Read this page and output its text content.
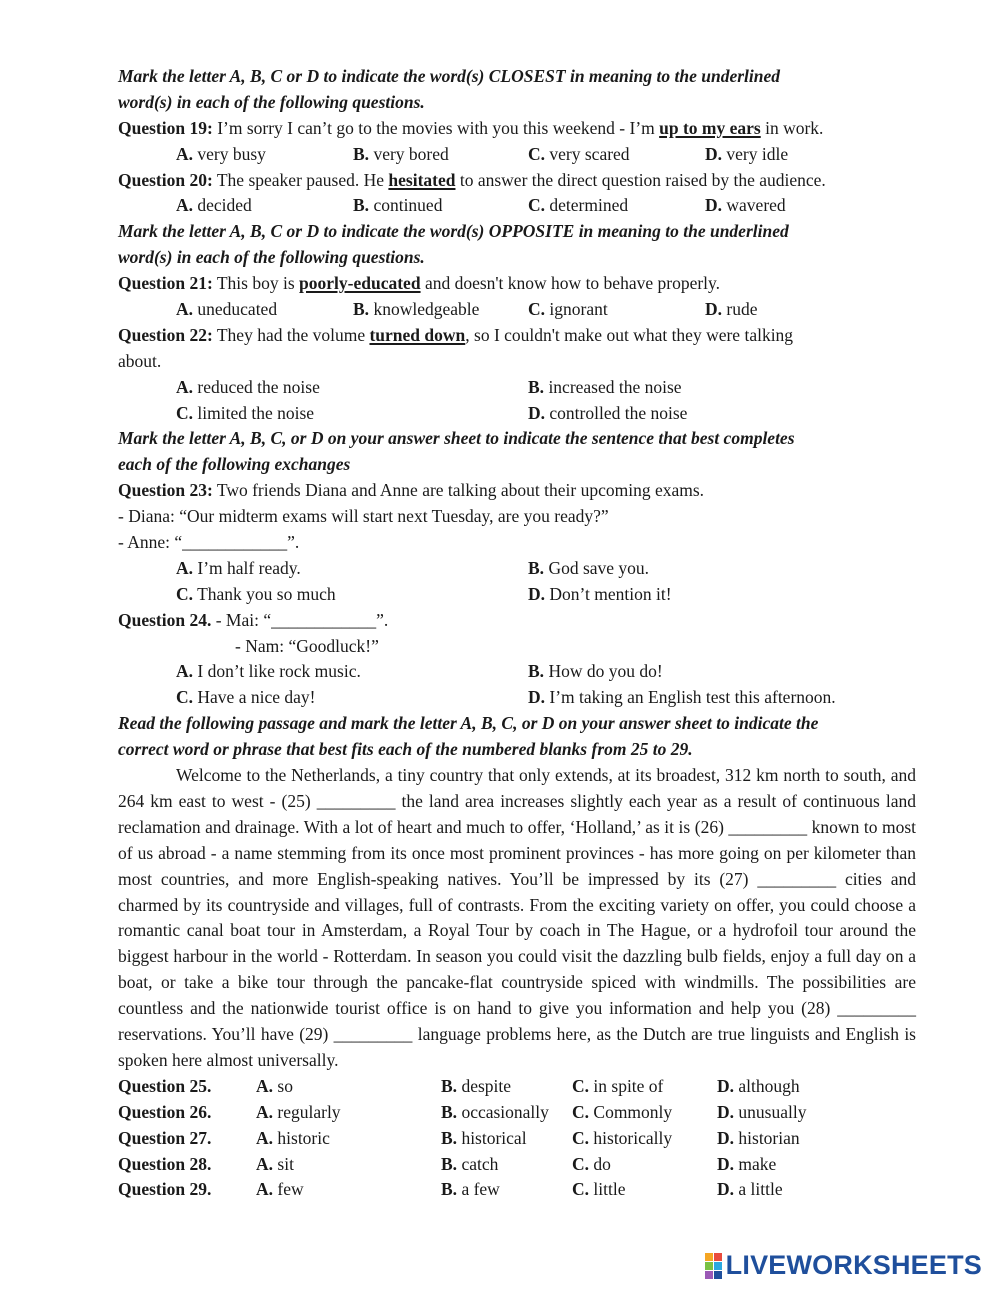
Mark the letter A, B, C or D to indicate the word(s) CLOSEST in meaning to the underlined
word(s) in each of the following questions.
Question 19: I’m sorry I can’t go to the movies with you this weekend - I’m up to my ears in work.
A. very busy	B. very bored	C. very scared	D. very idle
Question 20: The speaker paused. He hesitated to answer the direct question raised by the audience.
A. decided	B. continued	C. determined	D. wavered
Mark the letter A, B, C or D to indicate the word(s) OPPOSITE in meaning to the underlined
word(s) in each of the following questions.
Question 21: This boy is poorly-educated and doesn't know how to behave properly.
A. uneducated	B. knowledgeable	C. ignorant	D. rude
Question 22: They had the volume turned down, so I couldn't make out what they were talking
about.
A. reduced the noise	B. increased the noise
C. limited the noise	D. controlled the noise
Mark the letter A, B, C, or D on your answer sheet to indicate the sentence that best completes
each of the following exchanges
Question 23: Two friends Diana and Anne are talking about their upcoming exams.
- Diana: “Our midterm exams will start next Tuesday, are you ready?”
- Anne: “____________”.
A. I’m half ready.	B. God save you.
C. Thank you so much	D. Don’t mention it!
Question 24. - Mai: “____________”.
- Nam: “Goodluck!”
A. I don’t like rock music.	B. How do you do!
C. Have a nice day!	D. I’m taking an English test this afternoon.
Read the following passage and mark the letter A, B, C, or D on your answer sheet to indicate the
correct word or phrase that best fits each of the numbered blanks from 25 to 29.
Welcome to the Netherlands, a tiny country that only extends, at its broadest, 312 km north to south, and 264 km east to west - (25) _________ the land area increases slightly each year as a result of continuous land reclamation and drainage. With a lot of heart and much to offer, ‘Holland,’ as it is (26) _________ known to most of us abroad - a name stemming from its once most prominent provinces - has more going on per kilometer than most countries, and more English-speaking natives. You’ll be impressed by its (27) _________ cities and charmed by its countryside and villages, full of contrasts. From the exciting variety on offer, you could choose a romantic canal boat tour in Amsterdam, a Royal Tour by coach in The Hague, or a hydrofoil tour around the biggest harbour in the world - Rotterdam. In season you could visit the dazzling bulb fields, enjoy a full day on a boat, or take a bike tour through the pancake-flat countryside spiced with windmills. The possibilities are countless and the nationwide tourist office is on hand to give you information and help you (28) _________ reservations. You’ll have (29) _________ language problems here, as the Dutch are true linguists and English is spoken here almost universally.
Question 25.	A. so	B. despite	C. in spite of	D. although
Question 26.	A. regularly	B. occasionally	C. Commonly	D. unusually
Question 27.	A. historic	B. historical	C. historically	D. historian
Question 28.	A. sit	B. catch	C. do	D. make
Question 29.	A. few	B. a few	C. little	D. a little
LIVEWORKSHEETS
